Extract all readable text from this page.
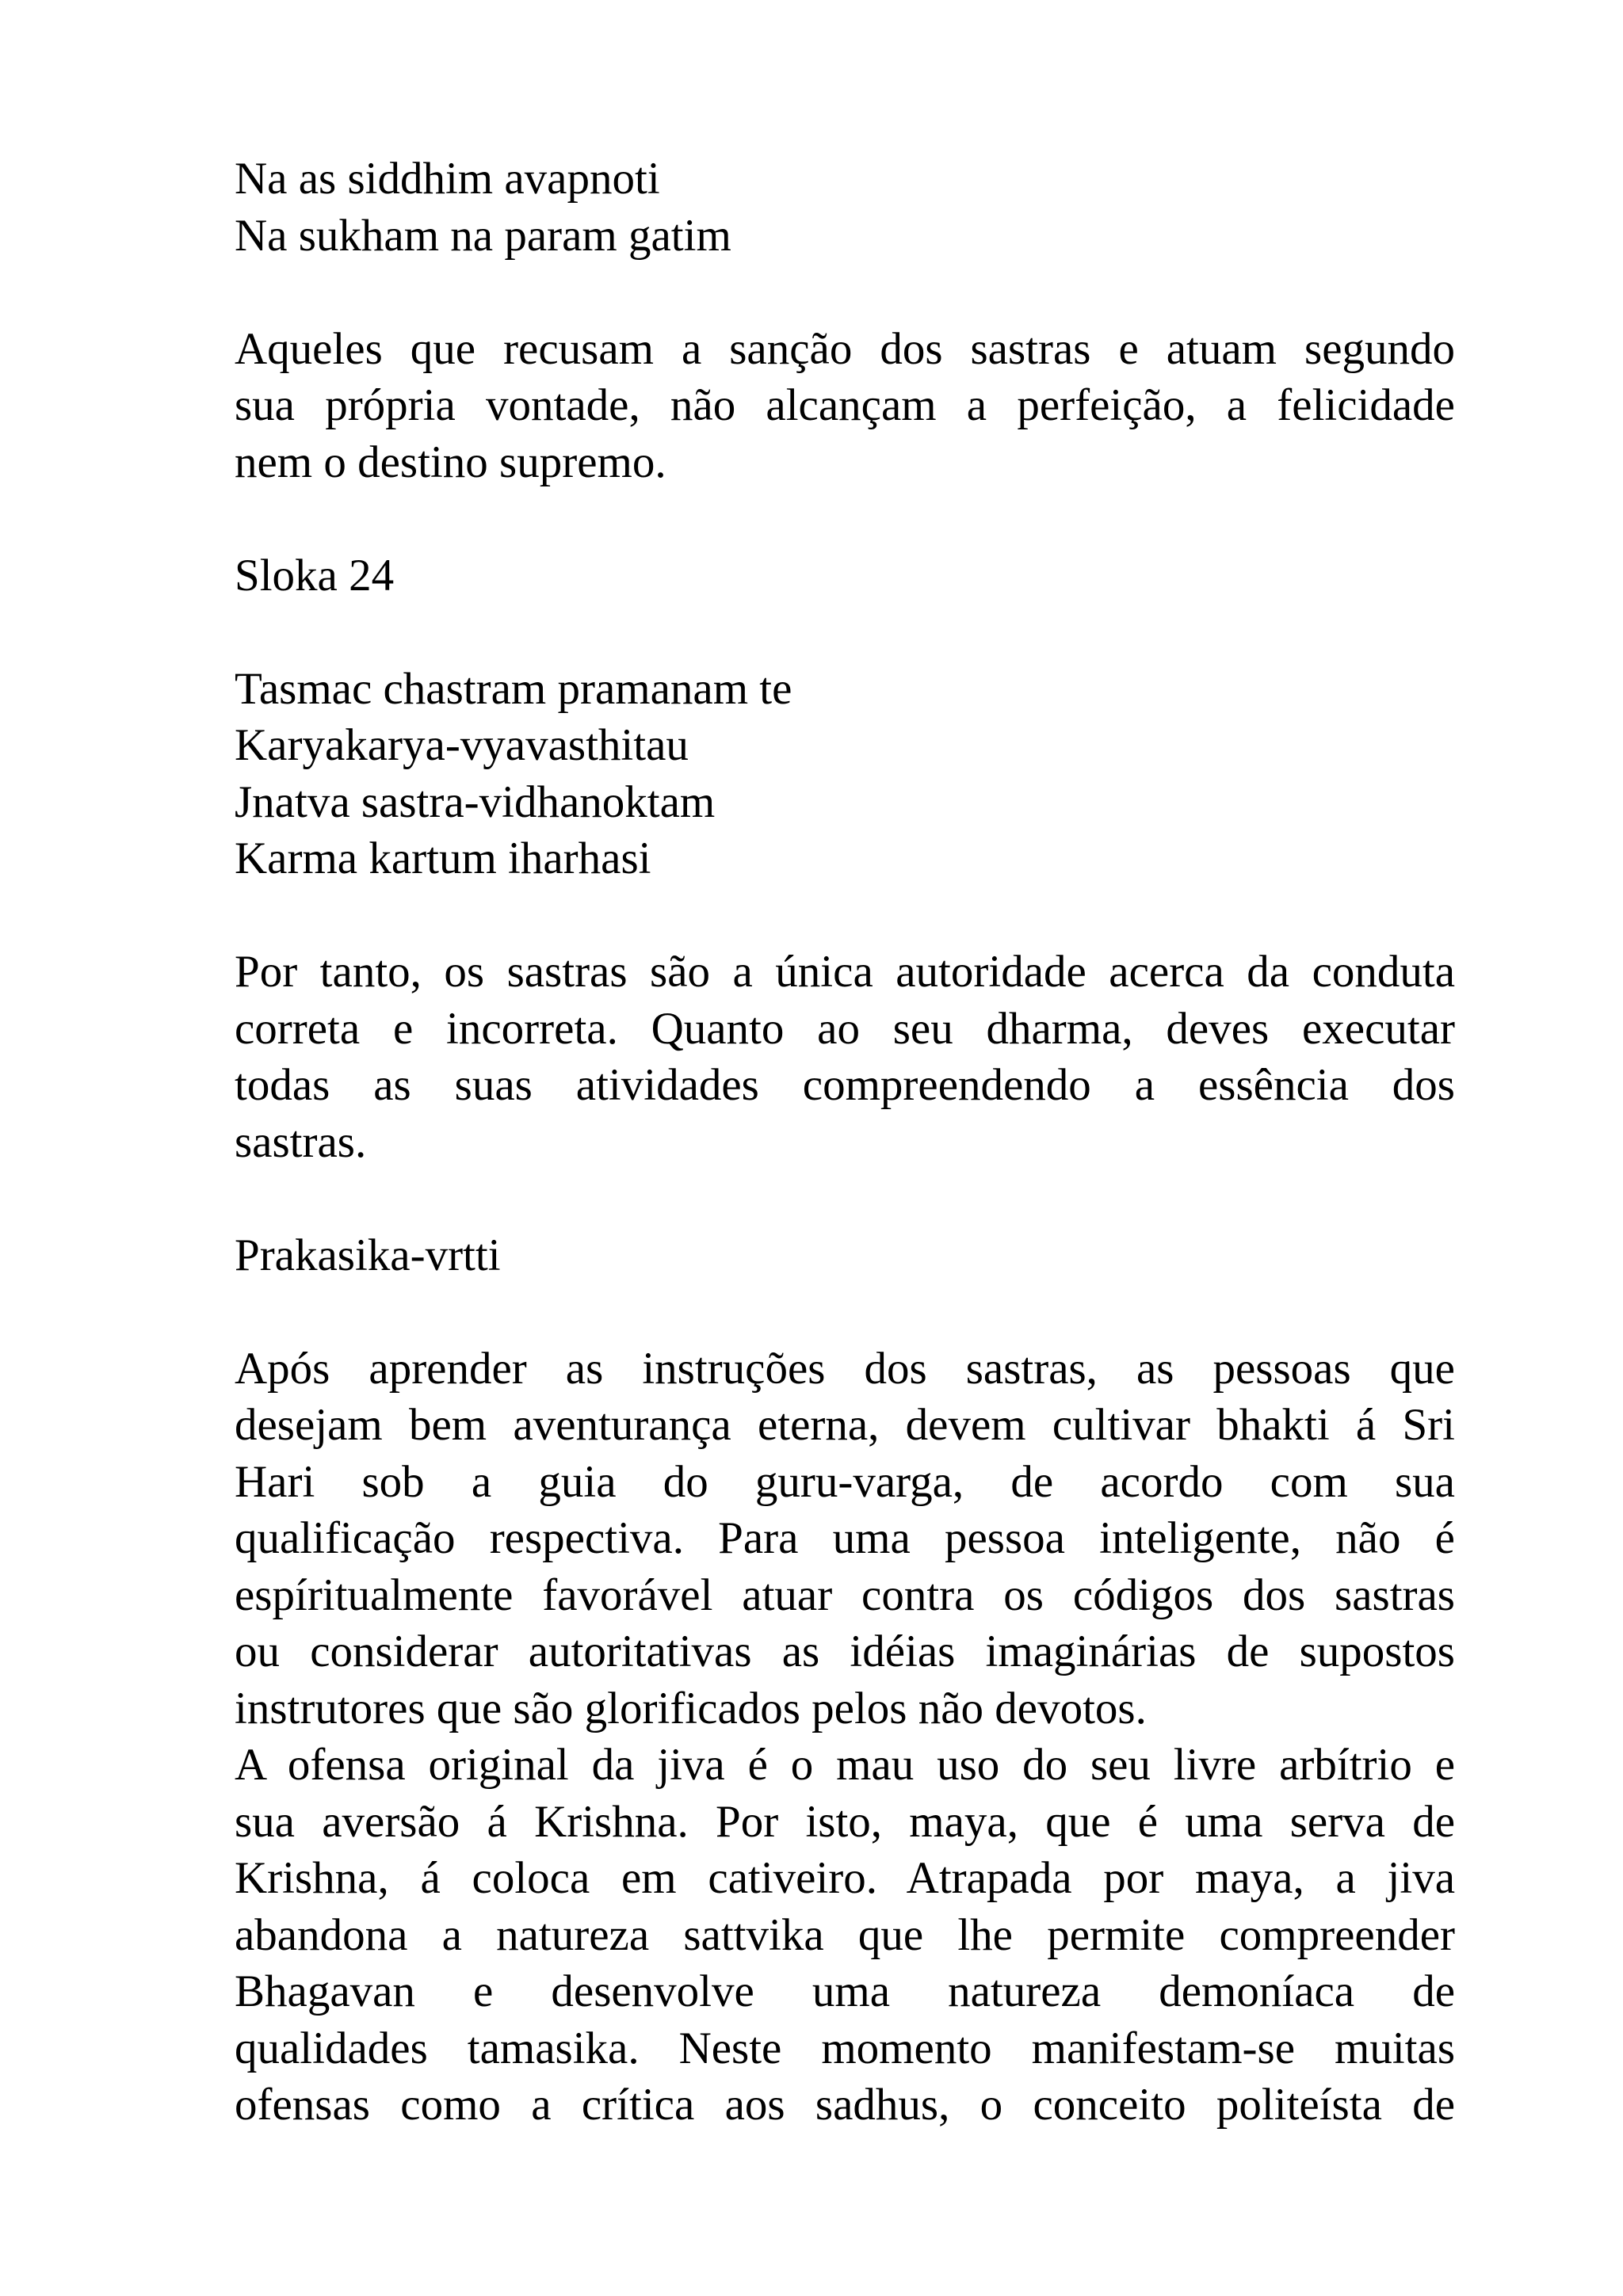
Na as siddhim avapnoti
Na sukham na param gatim
Aqueles que recusam a sanção dos sastras e atuam segundo
sua própria vontade, não alcançam a perfeição, a felicidade
nem o destino supremo.
Sloka 24
Tasmac chastram pramanam te
Karyakarya-vyavasthitau
Jnatva sastra-vidhanoktam
Karma kartum iharhasi
Por tanto, os sastras são a única autoridade acerca da conduta
correta e incorreta. Quanto ao seu dharma, deves executar
todas as suas atividades compreendendo a essência dos
sastras.
Prakasika-vrtti
Após aprender as instruções dos sastras, as pessoas que
desejam bem aventurança eterna, devem cultivar bhakti á Sri
Hari sob a guia do guru-varga, de acordo com sua
qualificação respectiva. Para uma pessoa inteligente, não é
espíritualmente favorável atuar contra os códigos dos sastras
ou considerar autoritativas as idéias imaginárias de supostos
instrutores que são glorificados pelos não devotos.
A ofensa original da jiva é o mau uso do seu livre arbítrio e
sua aversão á Krishna. Por isto, maya, que é uma serva de
Krishna, á coloca em cativeiro. Atrapada por maya, a jiva
abandona a natureza sattvika que lhe permite compreender
Bhagavan e desenvolve uma natureza demoníaca de
qualidades tamasika. Neste momento manifestam-se muitas
ofensas como a crítica aos sadhus, o conceito politeísta de
